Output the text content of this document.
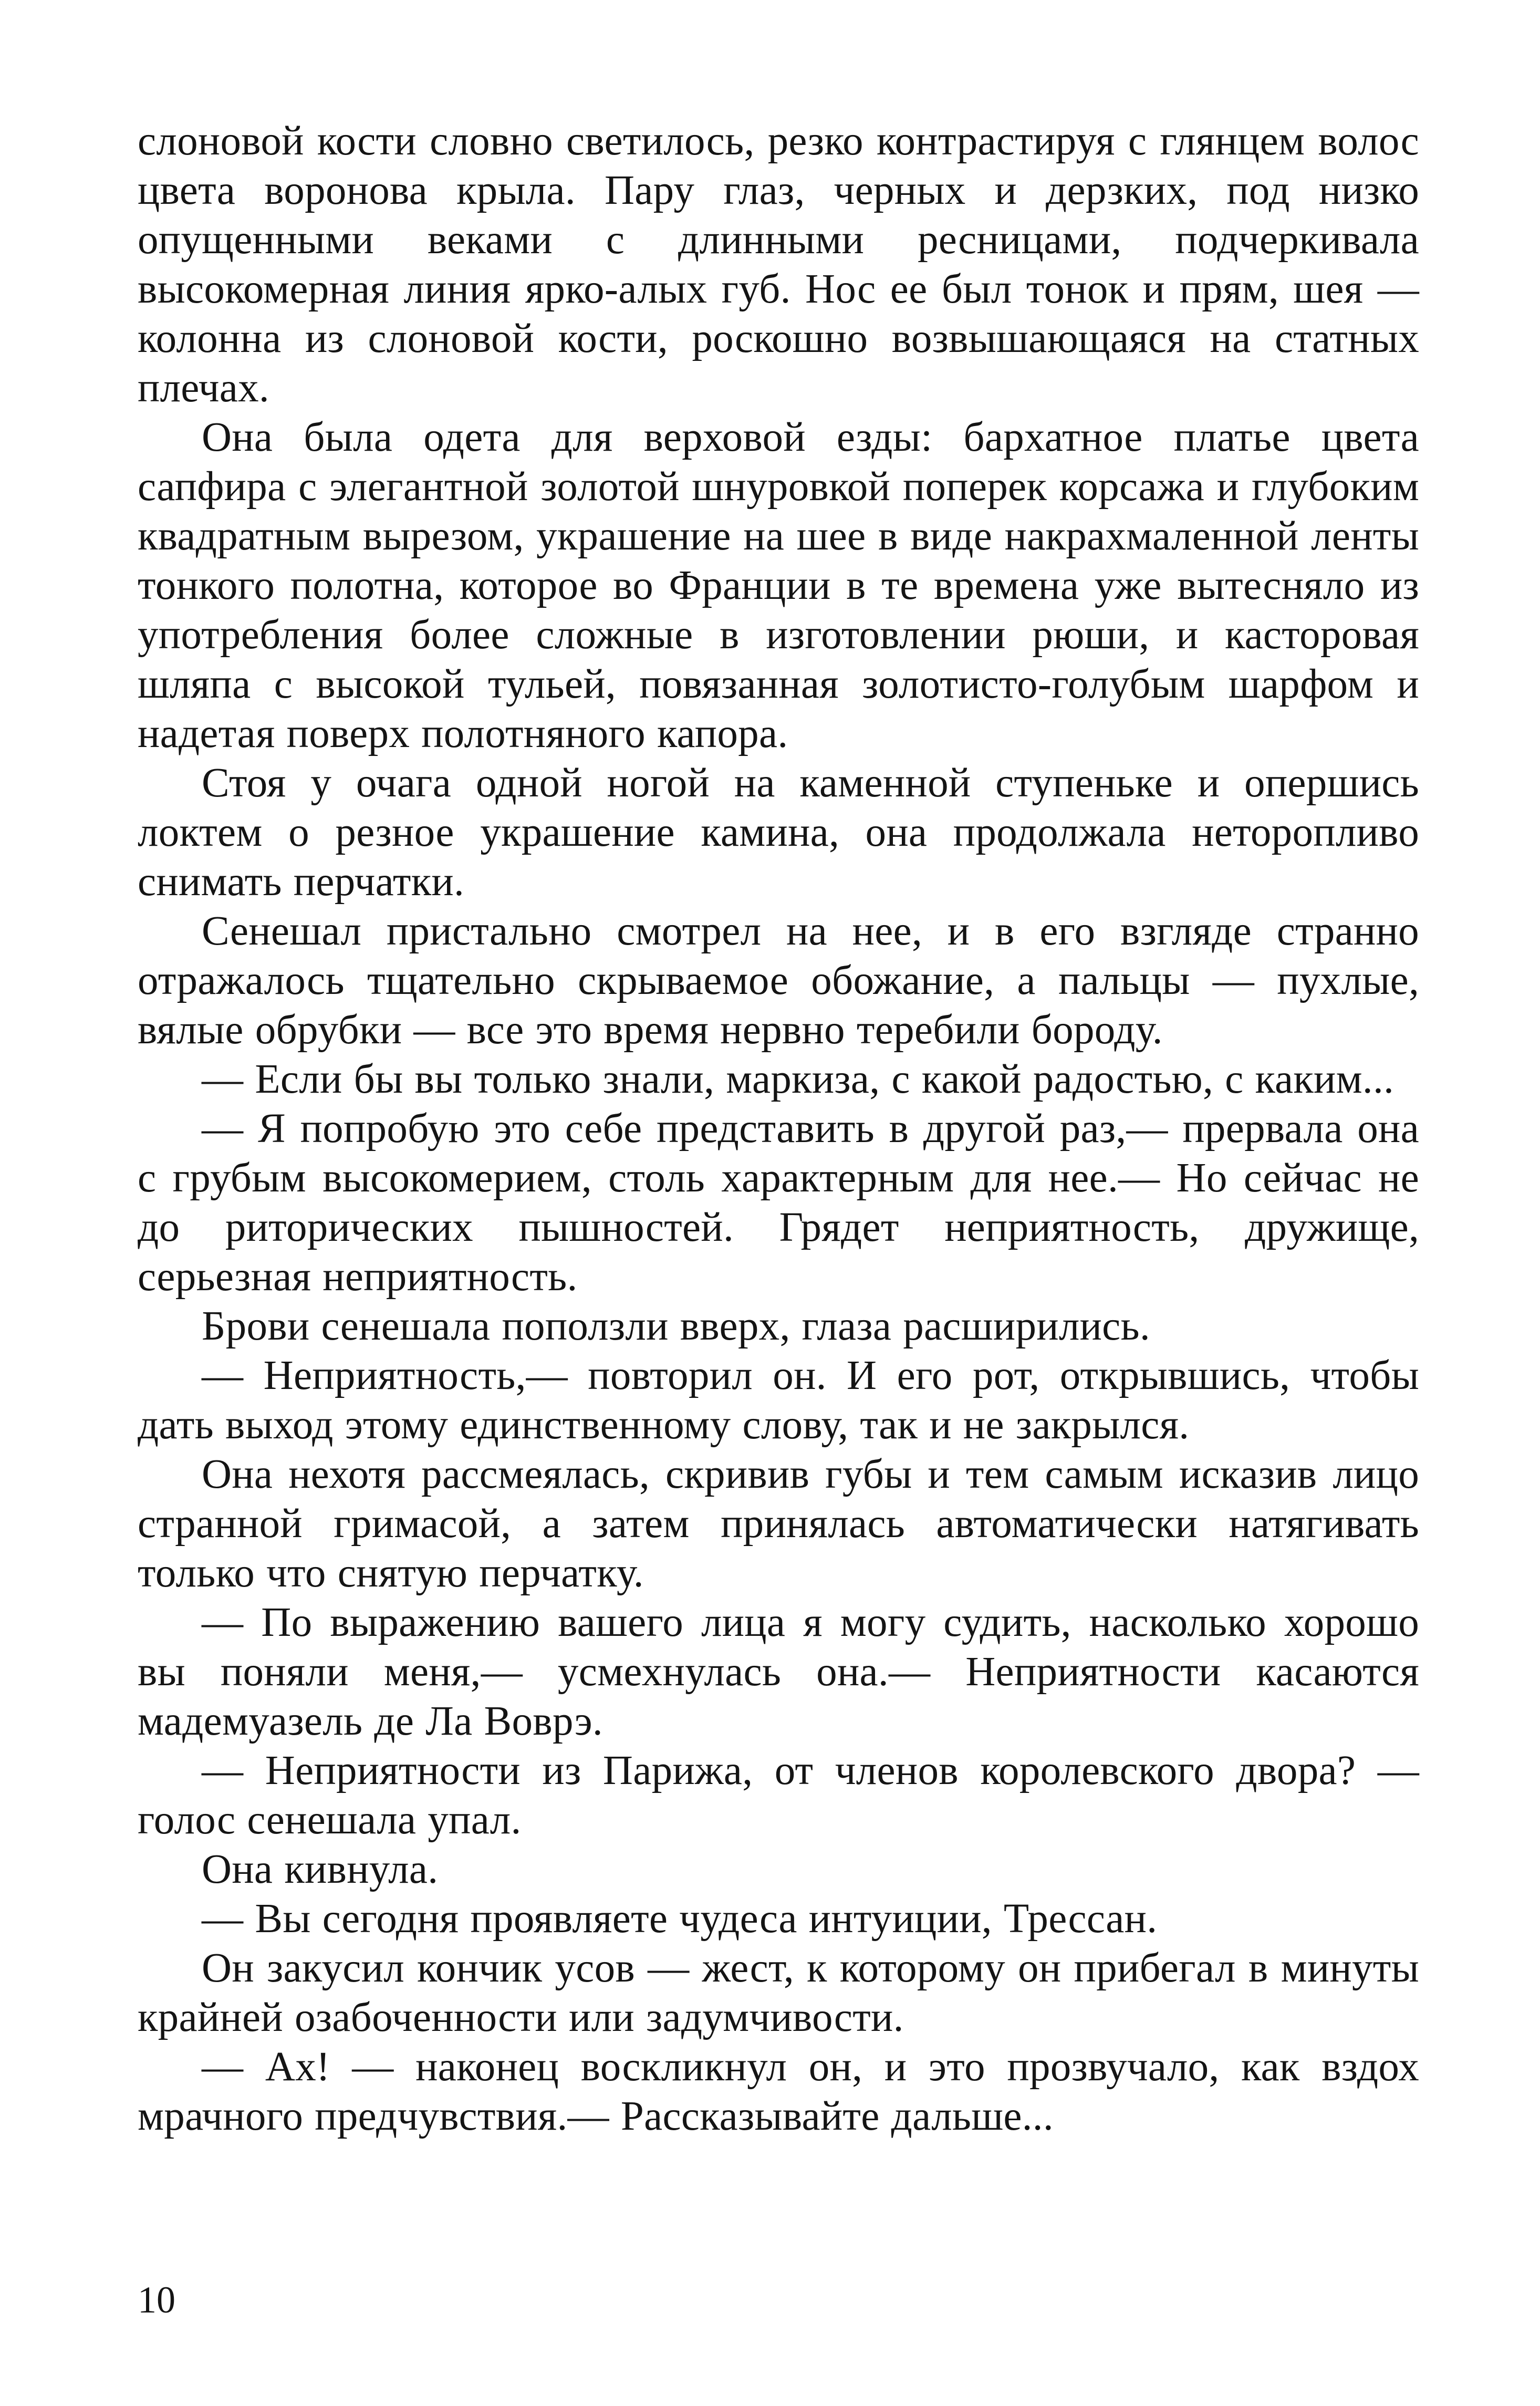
слоновой кости словно светилось, резко контрастируя с глянцем волос цвета воронова крыла. Пару глаз, черных и дерзких, под низко опущенными веками с длинными ресницами, подчеркивала высокомерная линия ярко-алых губ. Нос ее был тонок и прям, шея — колонна из слоновой кости, роскошно возвышающаяся на статных плечах.

Она была одета для верховой езды: бархатное платье цвета сапфира с элегантной золотой шнуровкой поперек корсажа и глубоким квадратным вырезом, украшение на шее в виде накрахмаленной ленты тонкого полотна, которое во Франции в те времена уже вытесняло из употребления более сложные в изготовлении рюши, и касторовая шляпа с высокой тульей, повязанная золотисто-голубым шарфом и надетая поверх полотняного капора.

Стоя у очага одной ногой на каменной ступеньке и опершись локтем о резное украшение камина, она продолжала неторопливо снимать перчатки.

Сенешал пристально смотрел на нее, и в его взгляде странно отражалось тщательно скрываемое обожание, а пальцы — пухлые, вялые обрубки — все это время нервно теребили бороду.

— Если бы вы только знали, маркиза, с какой радостью, с каким...

— Я попробую это себе представить в другой раз,— прервала она с грубым высокомерием, столь характерным для нее.— Но сейчас не до риторических пышностей. Грядет неприятность, дружище, серьезная неприятность.

Брови сенешала поползли вверх, глаза расширились.

— Неприятность,— повторил он. И его рот, открывшись, чтобы дать выход этому единственному слову, так и не закрылся.

Она нехотя рассмеялась, скривив губы и тем самым исказив лицо странной гримасой, а затем принялась автоматически натягивать только что снятую перчатку.

— По выражению вашего лица я могу судить, насколько хорошо вы поняли меня,— усмехнулась она.— Неприятности касаются мадемуазель де Ла Воврэ.

— Неприятности из Парижа, от членов королевского двора? — голос сенешала упал.

Она кивнула.

— Вы сегодня проявляете чудеса интуиции, Трессан.

Он закусил кончик усов — жест, к которому он прибегал в минуты крайней озабоченности или задумчивости.

— Ах! — наконец воскликнул он, и это прозвучало, как вздох мрачного предчувствия.— Рассказывайте дальше...

10
